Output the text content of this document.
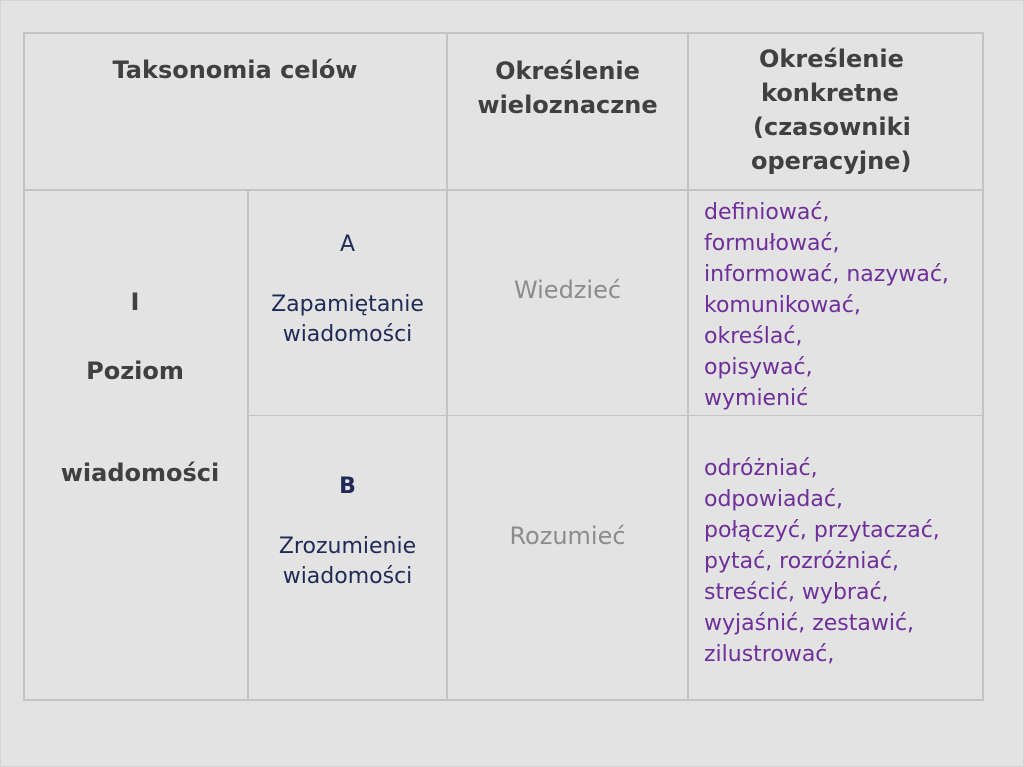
Taksonomia celów	Określenie
wieloznaczne
Określenie
konkretne
(czasowniki
operacyjne)
I
Poziom
wiadomości
A
Zapamiętanie
wiadomości
Wiedzieć
definiować,
formułować,
informować, nazywać,
komunikować,
określać,
opisywać,
wymienić
B
Zrozumienie
wiadomości
Rozumieć
odróżniać,
odpowiadać,
połączyć, przytaczać,
pytać, rozróżniać,
streścić, wybrać,
wyjaśnić, zestawić,
zilustrować,
